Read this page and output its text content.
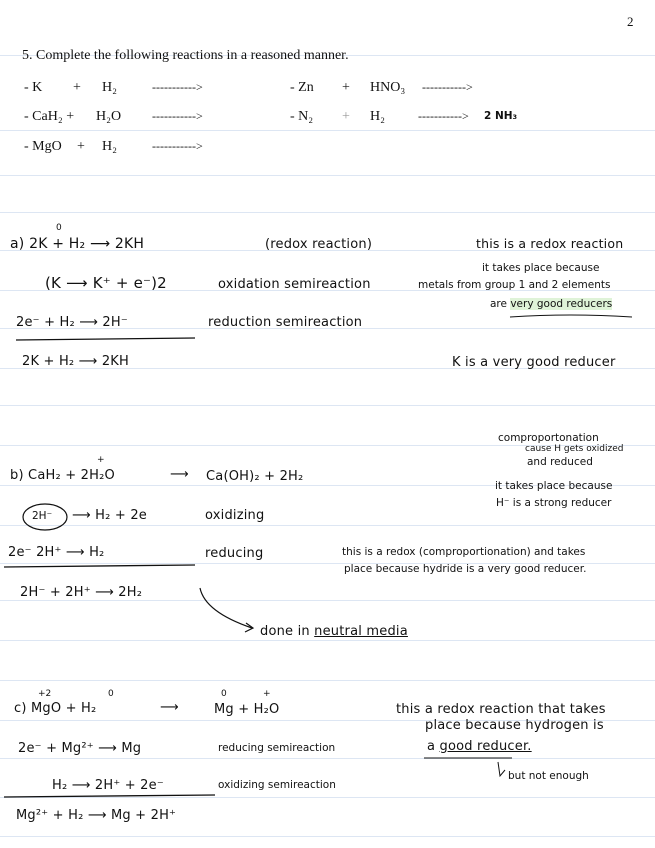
2
5. Complete the following reactions in a reasoned manner.
- K + H₂	----------->
- CaH₂ + H₂O	----------->
- MgO + H₂	----------->
- Zn + HNO₃ ----------->
- N₂ + H₂	-----------> 2 NH₃
0
a) 2K + H₂ ⟶ 2KH	(redox reaction)	this is a redox reaction
it takes place because
(K ⟶ K⁺ + e⁻)2	oxidation semireaction	metals from group 1 and 2 elements
are very good reducers
2e⁻ + H₂ ⟶ 2H⁻	reduction semireaction
2K + H₂ ⟶ 2KH	K is a very good reducer
comproportonation
cause H gets oxidized
and reduced
+
b) CaH₂ + 2H₂O	⟶ Ca(OH)₂ + 2H₂
it takes place because
H⁻ is a strong reducer
2H⁻ ⟶ H₂ + 2e	oxidizing
2e⁻ 2H⁺ ⟶ H₂	reducing	this is a redox (comproportionation) and takes
place because hydride is a very good reducer.
2H⁻ + 2H⁺ ⟶ 2H₂
done in neutral media
+2	0	0	+
c) MgO + H₂	⟶	Mg + H₂O	this a redox reaction that takes
place because hydrogen is
2e⁻ + Mg²⁺ ⟶ Mg	reducing semireaction	a good reducer.
but not enough
H₂ ⟶ 2H⁺ + 2e⁻	oxidizing semireaction
Mg²⁺ + H₂ ⟶ Mg + 2H⁺
